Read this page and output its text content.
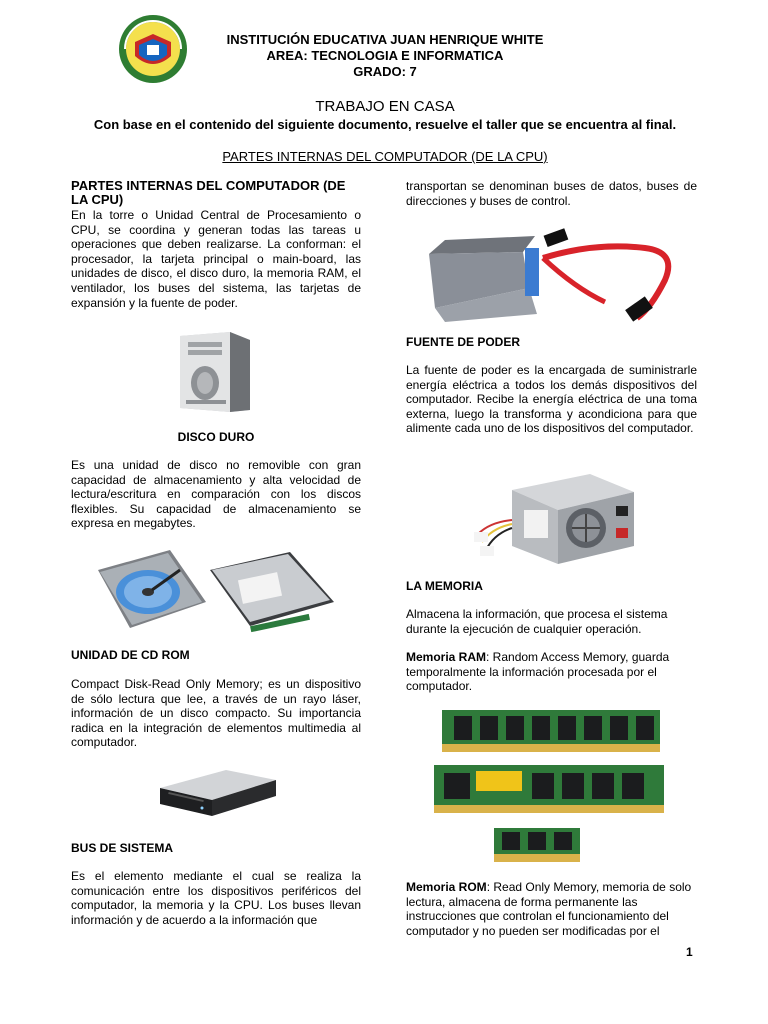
INSTITUCIÓN EDUCATIVA JUAN HENRIQUE WHITE
AREA: TECNOLOGIA E INFORMATICA
GRADO: 7
TRABAJO EN CASA
Con base en el contenido del siguiente documento, resuelve el taller que se encuentra al final.
PARTES INTERNAS DEL COMPUTADOR (DE LA CPU)
PARTES INTERNAS DEL COMPUTADOR (DE LA CPU)
En la torre o Unidad Central de Procesamiento o CPU, se coordina y generan todas las tareas u operaciones que deben realizarse. La conforman: el procesador, la tarjeta principal o main-board, las unidades de disco, el disco duro, la memoria RAM, el ventilador, los buses del sistema, las tarjetas de expansión y la fuente de poder.
DISCO DURO
Es una unidad de disco no removible con gran capacidad de almacenamiento y alta velocidad de lectura/escritura en comparación con los discos flexibles. Su capacidad de almacenamiento se expresa en megabytes.
UNIDAD DE CD ROM
Compact Disk-Read Only Memory; es un dispositivo de sólo lectura que lee, a través de un rayo láser, información de un disco compacto. Su importancia radica en la integración de elementos multimedia al computador.
BUS DE SISTEMA
Es el elemento mediante el cual se realiza la comunicación entre los dispositivos periféricos del computador, la memoria y la CPU. Los buses llevan información y de acuerdo a la información que
transportan se denominan buses de datos, buses de direcciones y buses de control.
FUENTE DE PODER
La fuente de poder es la encargada de suministrarle energía eléctrica a todos los demás dispositivos del computador. Recibe la energía eléctrica de una toma externa, luego la transforma y acondiciona para que alimente cada uno de los dispositivos del computador.
LA MEMORIA
Almacena la información, que procesa el sistema durante la ejecución de cualquier operación.
Memoria RAM: Random Access Memory, guarda temporalmente la información procesada por el computador.
Memoria ROM: Read Only Memory, memoria de solo lectura, almacena de forma permanente las instrucciones que controlan el funcionamiento del computador y no pueden ser modificadas por el
1
